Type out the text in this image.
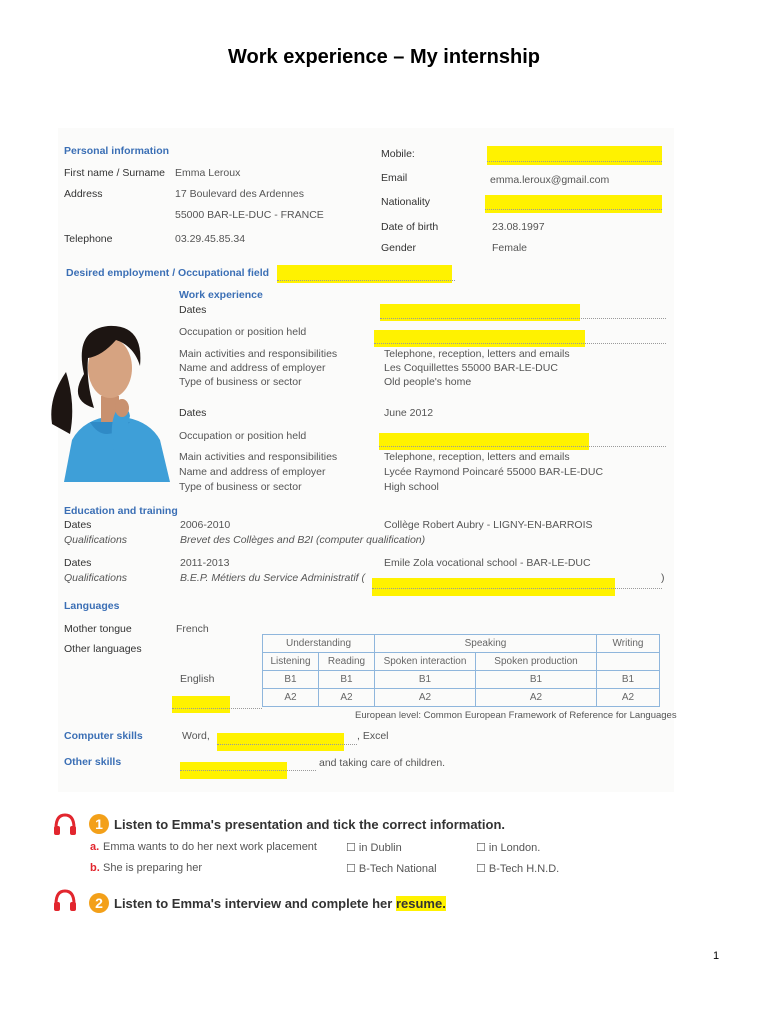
Work experience – My internship
Personal information
First name / Surname Emma Leroux
Address	17 Boulevard des Ardennes
55000 BAR-LE-DUC - FRANCE
Telephone	03.29.45.85.34
Mobile:
Email	emma.leroux@gmail.com
Nationality
Date of birth	23.08.1997
Gender	Female
Desired employment / Occupational field
Work experience
Dates
Occupation or position held
Main activities and responsibilities	Telephone, reception, letters and emails
Name and address of employer	Les Coquillettes 55000 BAR-LE-DUC
Type of business or sector	Old people's home
Dates	June 2012
Occupation or position held
Main activities and responsibilities	Telephone, reception, letters and emails
Name and address of employer	Lycée Raymond Poincaré 55000 BAR-LE-DUC
Type of business or sector	High school
Education and training
Dates	2006-2010	Collège Robert Aubry - LIGNY-EN-BARROIS
Qualifications	Brevet des Collèges and B2I (computer qualification)
Dates	2011-2013	Emile Zola vocational school - BAR-LE-DUC
Qualifications	B.E.P. Métiers du Service Administratif (	)
Languages
Mother tongue	French
Other languages
English
Understanding		Speaking		Writing
Listening	Reading	Spoken interaction	Spoken production	
B1	B1	B1	B1	B1
A2	A2	A2	A2	A2
European level: Common European Framework of Reference for Languages
Computer skills	Word,	, Excel
Other skills	and taking care of children.
1 Listen to Emma's presentation and tick the correct information.
a. Emma wants to do her next work placement	☐ in Dublin	☐ in London.
b. She is preparing her	☐ B-Tech National	☐ B-Tech H.N.D.
2 Listen to Emma's interview and complete her resume.
1
